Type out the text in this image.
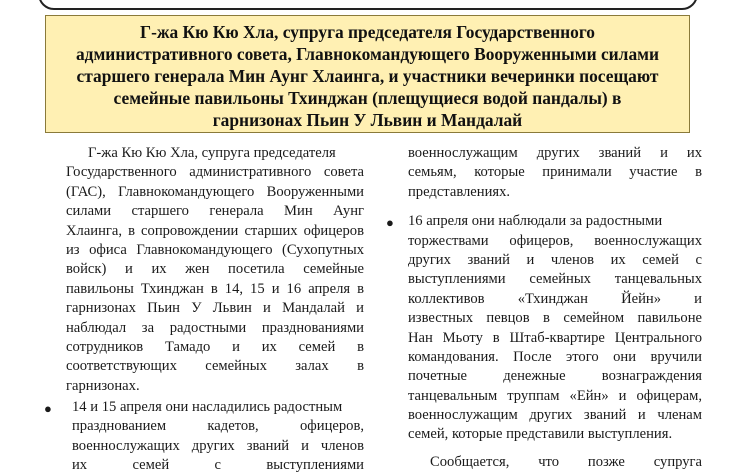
Г-жа Кю Кю Хла, супруга председателя Государственного
административного совета, Главнокомандующего Вооруженными силами
старшего генерала Мин Аунг Хлаинга, и участники вечеринки посещают
семейные павильоны Тхинджан (плещущиеся водой пандалы) в
гарнизонах Пьин У Львин и Мандалай
Г-жа Кю Кю Хла, супруга председателя
Государственного административного совета
(ГАС), Главнокомандующего Вооруженными
силами старшего генерала Мин Аунг
Хлаинга, в сопровождении старших офицеров
из офиса Главнокомандующего (Сухопутных
войск) и их жен посетила семейные
павильоны Тхинджан в 14, 15 и 16 апреля в
гарнизонах Пьин У Львин и Мандалай и
наблюдал за радостными празднованиями
сотрудников Тамадо и их семей в
соответствующих семейных залах в
гарнизонах.
●	14 и 15 апреля они насладились радостным
празднованием кадетов, офицеров,
военнослужащих других званий и членов
их семей с выступлениями
военнослужащим других званий и их
семьям, которые принимали участие в
представлениях.
● 16 апреля они наблюдали за радостными
торжествами офицеров, военнослужащих
других званий и членов их семей с
выступлениями семейных танцевальных
коллективов «Тхинджан Йейн» и
известных певцов в семейном павильоне
Нан Мьоту в Штаб-квартире Центрального
командования. После этого они вручили
почетные денежные вознаграждения
танцевальным труппам «Ейн» и офицерам,
военнослужащим других званий и членам
семей, которые представили выступления.
Сообщается, что позже супруга
